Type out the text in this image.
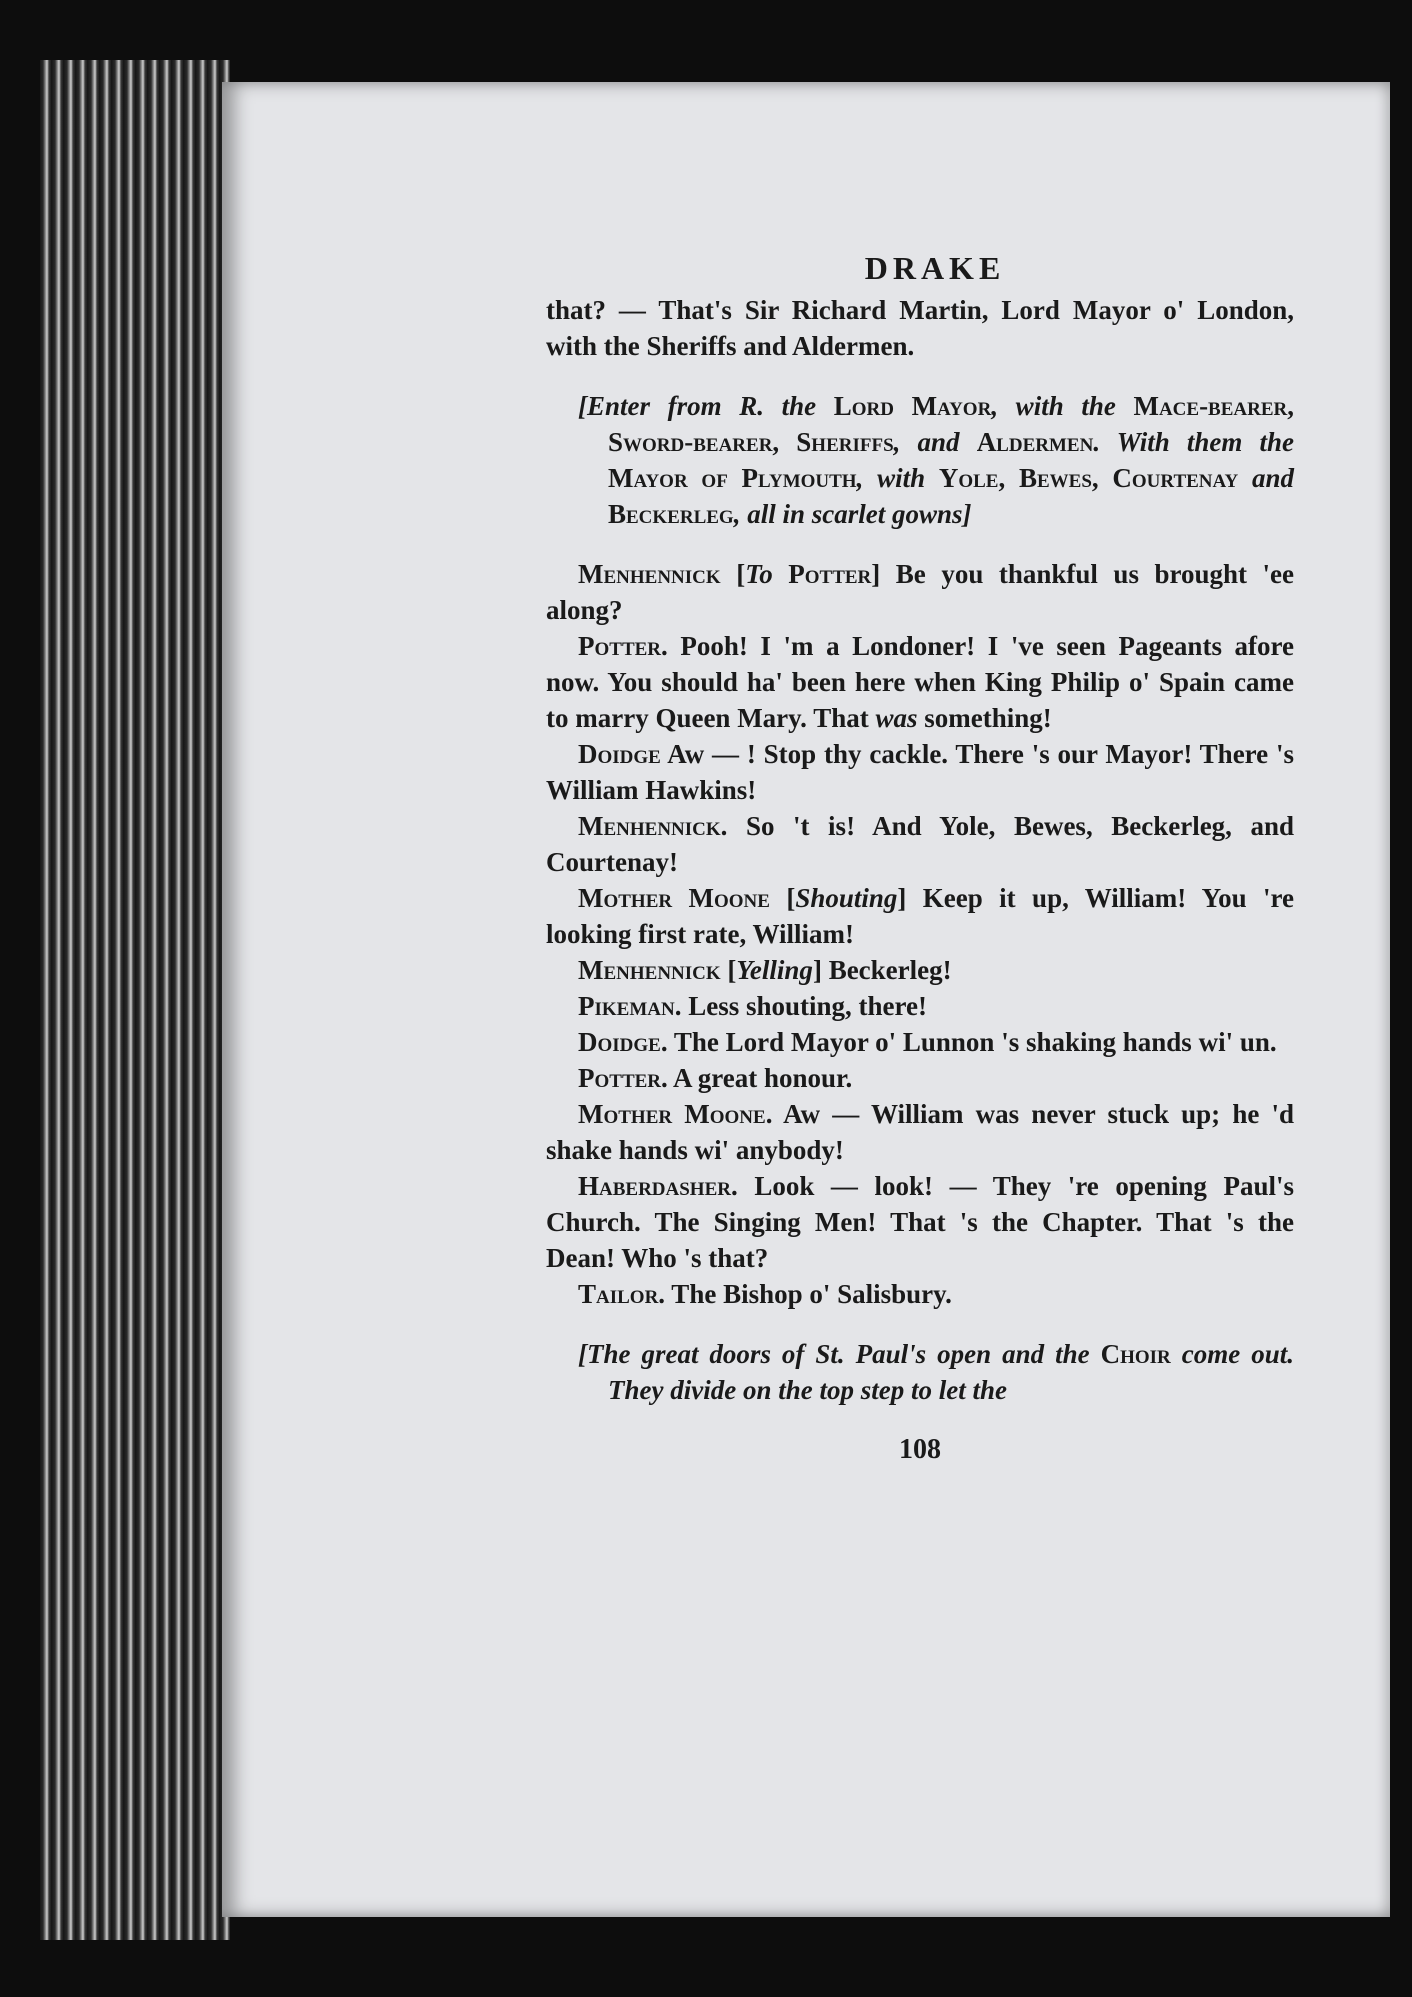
DRAKE

that? — That's Sir Richard Martin, Lord Mayor o' London, with the Sheriffs and Aldermen.

[Enter from R. the Lord Mayor, with the Mace-bearer, Sword-bearer, Sheriffs, and Aldermen. With them the Mayor of Plymouth, with Yole, Bewes, Courtenay and Beckerleg, all in scarlet gowns]

Menhennick [To Potter] Be you thankful us brought 'ee along?

Potter. Pooh! I 'm a Londoner! I 've seen Pageants afore now. You should ha' been here when King Philip o' Spain came to marry Queen Mary. That was something!

Doidge Aw — ! Stop thy cackle. There 's our Mayor! There 's William Hawkins!

Menhennick. So 't is! And Yole, Bewes, Beckerleg, and Courtenay!

Mother Moone [Shouting] Keep it up, William! You 're looking first rate, William!

Menhennick [Yelling] Beckerleg!

Pikeman. Less shouting, there!

Doidge. The Lord Mayor o' Lunnon 's shaking hands wi' un.

Potter. A great honour.

Mother Moone. Aw — William was never stuck up; he 'd shake hands wi' anybody!

Haberdasher. Look — look! — They 're opening Paul's Church. The Singing Men! That 's the Chapter. That 's the Dean! Who 's that?

Tailor. The Bishop o' Salisbury.

[The great doors of St. Paul's open and the Choir come out. They divide on the top step to let the

108
